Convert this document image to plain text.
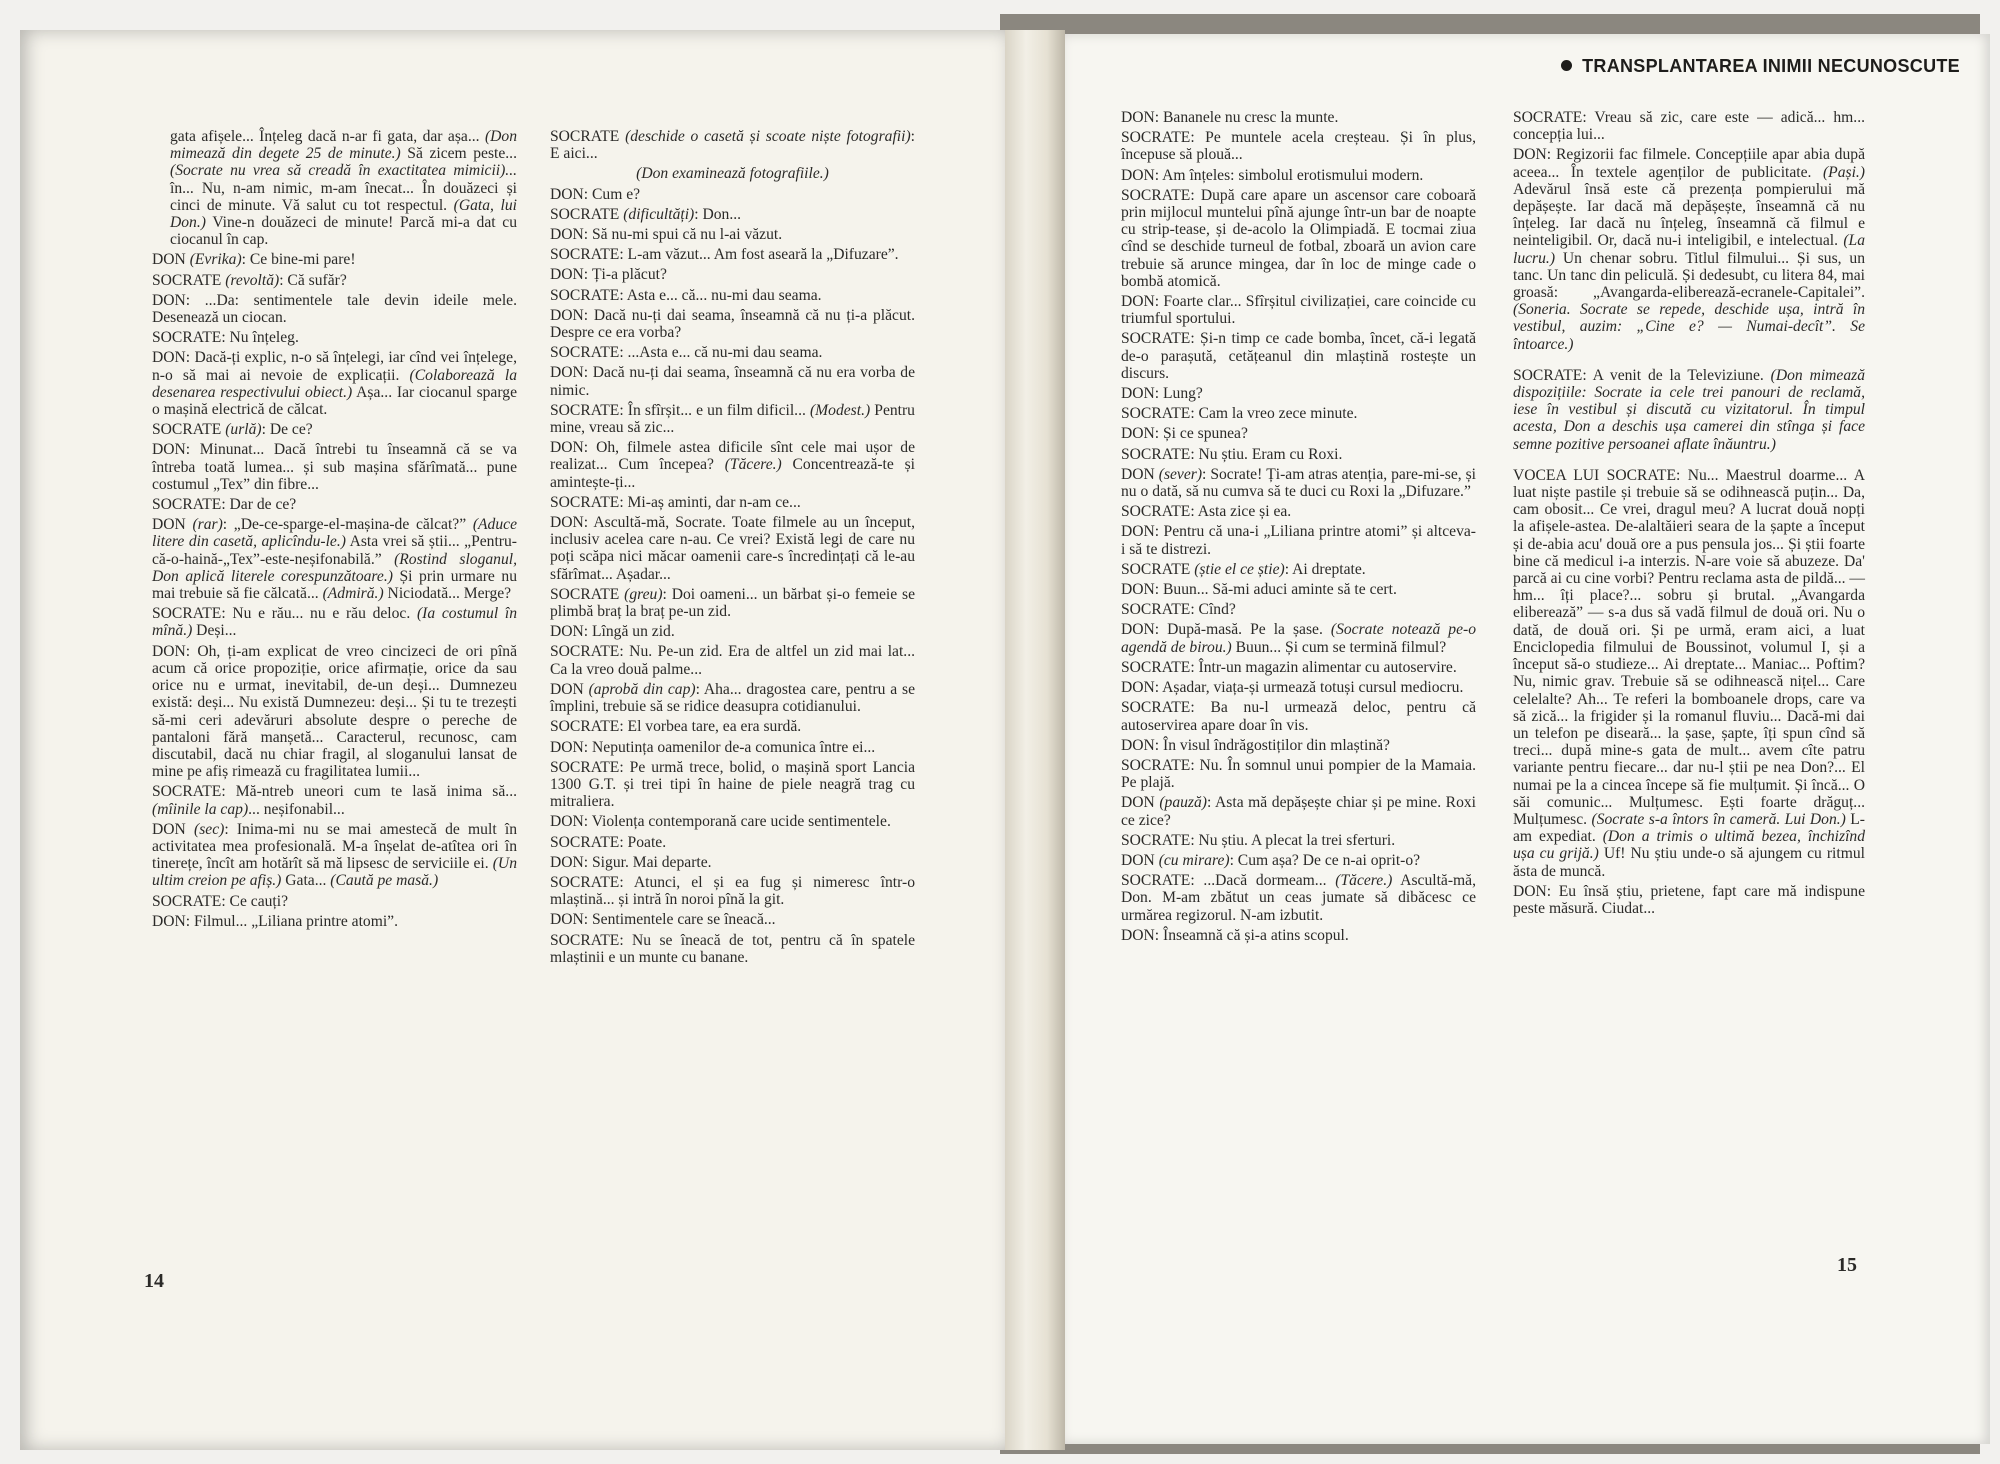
gata afișele... Înțeleg dacă n-ar fi gata, dar așa... (Don mimează din degete 25 de minute.) Să zicem peste... (Socrate nu vrea să creadă în exactitatea mimicii)... în... Nu, n-am nimic, m-am înecat... În douăzeci și cinci de minute. Vă salut cu tot respectul. (Gata, lui Don.) Vine-n douăzeci de minute! Parcă mi-a dat cu ciocanul în cap.

DON (Evrika): Ce bine-mi pare!

SOCRATE (revoltă): Că sufăr?

DON: ...Da: sentimentele tale devin ideile mele. Desenează un ciocan.

SOCRATE: Nu înțeleg.

DON: Dacă-ți explic, n-o să înțelegi, iar cînd vei înțelege, n-o să mai ai nevoie de explicații. (Colaborează la desenarea respectivului obiect.) Așa... Iar ciocanul sparge o mașină electrică de călcat.

SOCRATE (urlă): De ce?

DON: Minunat... Dacă întrebi tu înseamnă că se va întreba toată lumea... și sub mașina sfărîmată... pune costumul „Tex” din fibre...

SOCRATE: Dar de ce?

DON (rar): „De-ce-sparge-el-mașina-de călcat?” (Aduce litere din casetă, aplicîndu-le.) Asta vrei să știi... „Pentru-că-o-haină-„Tex”-este-neșifonabilă.” (Rostind sloganul, Don aplică literele corespunzătoare.) Și prin urmare nu mai trebuie să fie călcată... (Admiră.) Niciodată... Merge?

SOCRATE: Nu e rău... nu e rău deloc. (Ia costumul în mînă.) Deși...

DON: Oh, ți-am explicat de vreo cincizeci de ori pînă acum că orice propoziție, orice afirmație, orice da sau orice nu e urmat, inevitabil, de-un deși... Dumnezeu există: deși... Nu există Dumnezeu: deși... Și tu te trezești să-mi ceri adevăruri absolute despre o pereche de pantaloni fără manșetă... Caracterul, recunosc, cam discutabil, dacă nu chiar fragil, al sloganului lansat de mine pe afiș rimează cu fragilitatea lumii...

SOCRATE: Mă-ntreb uneori cum te lasă inima să... (mîinile la cap)... neșifonabil...

DON (sec): Inima-mi nu se mai amestecă de mult în activitatea mea profesională. M-a înșelat de-atîtea ori în tinerețe, încît am hotărît să mă lipsesc de serviciile ei. (Un ultim creion pe afiș.) Gata... (Caută pe masă.)

SOCRATE: Ce cauți?

DON: Filmul... „Liliana printre atomi”.

SOCRATE (deschide o casetă și scoate niște fotografii): E aici...

(Don examinează fotografiile.)

DON: Cum e?

SOCRATE (dificultăți): Don...

DON: Să nu-mi spui că nu l-ai văzut.

SOCRATE: L-am văzut... Am fost aseară la „Difuzare”.

DON: Ți-a plăcut?

SOCRATE: Asta e... că... nu-mi dau seama.

DON: Dacă nu-ți dai seama, înseamnă că nu ți-a plăcut. Despre ce era vorba?

SOCRATE: ...Asta e... că nu-mi dau seama.

DON: Dacă nu-ți dai seama, înseamnă că nu era vorba de nimic.

SOCRATE: În sfîrșit... e un film dificil... (Modest.) Pentru mine, vreau să zic...

DON: Oh, filmele astea dificile sînt cele mai ușor de realizat... Cum începea? (Tăcere.) Concentrează-te și amintește-ți...

SOCRATE: Mi-aș aminti, dar n-am ce...

DON: Ascultă-mă, Socrate. Toate filmele au un început, inclusiv acelea care n-au. Ce vrei? Există legi de care nu poți scăpa nici măcar oamenii care-s încredințați că le-au sfărîmat... Așadar...

SOCRATE (greu): Doi oameni... un bărbat și-o femeie se plimbă braț la braț pe-un zid.

DON: Lîngă un zid.

SOCRATE: Nu. Pe-un zid. Era de altfel un zid mai lat... Ca la vreo două palme...

DON (aprobă din cap): Aha... dragostea care, pentru a se împlini, trebuie să se ridice deasupra cotidianului.

SOCRATE: El vorbea tare, ea era surdă.

DON: Neputința oamenilor de-a comunica între ei...

SOCRATE: Pe urmă trece, bolid, o mașină sport Lancia 1300 G.T. și trei tipi în haine de piele neagră trag cu mitraliera.

DON: Violența contemporană care ucide sentimentele.

SOCRATE: Poate.

DON: Sigur. Mai departe.

SOCRATE: Atunci, el și ea fug și nimeresc într-o mlaștină... și intră în noroi pînă la git.

DON: Sentimentele care se îneacă...

SOCRATE: Nu se îneacă de tot, pentru că în spatele mlaștinii e un munte cu banane.

14
TRANSPLANTAREA INIMII NECUNOSCUTE

DON: Bananele nu cresc la munte.

SOCRATE: Pe muntele acela creșteau. Și în plus, începuse să plouă...

DON: Am înțeles: simbolul erotismului modern.

SOCRATE: După care apare un ascensor care coboară prin mijlocul muntelui pînă ajunge într-un bar de noapte cu strip-tease, și de-acolo la Olimpiadă. E tocmai ziua cînd se deschide turneul de fotbal, zboară un avion care trebuie să arunce mingea, dar în loc de minge cade o bombă atomică.

DON: Foarte clar... Sfîrșitul civilizației, care coincide cu triumful sportului.

SOCRATE: Și-n timp ce cade bomba, încet, că-i legată de-o parașută, cetățeanul din mlaștină rostește un discurs.

DON: Lung?

SOCRATE: Cam la vreo zece minute.

DON: Și ce spunea?

SOCRATE: Nu știu. Eram cu Roxi.

DON (sever): Socrate! Ți-am atras atenția, pare-mi-se, și nu o dată, să nu cumva să te duci cu Roxi la „Difuzare.”

SOCRATE: Asta zice și ea.

DON: Pentru că una-i „Liliana printre atomi” și altceva-i să te distrezi.

SOCRATE (știe el ce știe): Ai dreptate.

DON: Buun... Să-mi aduci aminte să te cert.

SOCRATE: Cînd?

DON: După-masă. Pe la șase. (Socrate notează pe-o agendă de birou.) Buun... Și cum se termină filmul?

SOCRATE: Într-un magazin alimentar cu autoservire.

DON: Așadar, viața-și urmează totuși cursul mediocru.

SOCRATE: Ba nu-l urmează deloc, pentru că autoservirea apare doar în vis.

DON: În visul îndrăgostiților din mlaștină?

SOCRATE: Nu. În somnul unui pompier de la Mamaia. Pe plajă.

DON (pauză): Asta mă depășește chiar și pe mine. Roxi ce zice?

SOCRATE: Nu știu. A plecat la trei sferturi.

DON (cu mirare): Cum așa? De ce n-ai oprit-o?

SOCRATE: ...Dacă dormeam... (Tăcere.) Ascultă-mă, Don. M-am zbătut un ceas jumate să dibăcesc ce urmărea regizorul. N-am izbutit.

DON: Înseamnă că și-a atins scopul.

SOCRATE: Vreau să zic, care este — adică... hm... concepția lui...

DON: Regizorii fac filmele. Concepțiile apar abia după aceea... În textele agenților de publicitate. (Pași.) Adevărul însă este că prezența pompierului mă depășește. Iar dacă mă depășește, înseamnă că nu înțeleg. Iar dacă nu înțeleg, înseamnă că filmul e neinteligibil. Or, dacă nu-i inteligibil, e intelectual. (La lucru.) Un chenar sobru. Titlul filmului... Și sus, un tanc. Un tanc din peliculă. Și dedesubt, cu litera 84, mai groasă: „Avangarda-eliberează-ecranele-Capitalei”. (Soneria. Socrate se repede, deschide ușa, intră în vestibul, auzim: „Cine e? — Numai-decît”. Se întoarce.)

SOCRATE: A venit de la Televiziune. (Don mimează dispozițiile: Socrate ia cele trei panouri de reclamă, iese în vestibul și discută cu vizitatorul. În timpul acesta, Don a deschis ușa camerei din stînga și face semne pozitive persoanei aflate înăuntru.)

VOCEA LUI SOCRATE: Nu... Maestrul doarme... A luat niște pastile și trebuie să se odihnească puțin... Da, cam obosit... Ce vrei, dragul meu? A lucrat două nopți la afișele-astea. De-alaltăieri seara de la șapte a început și de-abia acu' două ore a pus pensula jos... Și știi foarte bine că medicul i-a interzis. N-are voie să abuzeze. Da' parcă ai cu cine vorbi? Pentru reclama asta de pildă... — hm... îți place?... sobru și brutal. „Avangarda eliberează” — s-a dus să vadă filmul de două ori. Nu o dată, de două ori. Și pe urmă, eram aici, a luat Enciclopedia filmului de Boussinot, volumul I, și a început să-o studieze... Ai dreptate... Maniac... Poftim? Nu, nimic grav. Trebuie să se odihnească nițel... Care celelalte? Ah... Te referi la bomboanele drops, care va să zică... la frigider și la romanul fluviu... Dacă-mi dai un telefon pe diseară... la șase, șapte, îți spun cînd să treci... după mine-s gata de mult... avem cîte patru variante pentru fiecare... dar nu-l știi pe nea Don?... El numai pe la a cincea începe să fie mulțumit. Și încă... O săi comunic... Mulțumesc. Ești foarte drăguț... Mulțumesc. (Socrate s-a întors în cameră. Lui Don.) L-am expediat. (Don a trimis o ultimă bezea, închizînd ușa cu grijă.) Uf! Nu știu unde-o să ajungem cu ritmul ăsta de muncă.

DON: Eu însă știu, prietene, fapt care mă indispune peste măsură. Ciudat...

15
